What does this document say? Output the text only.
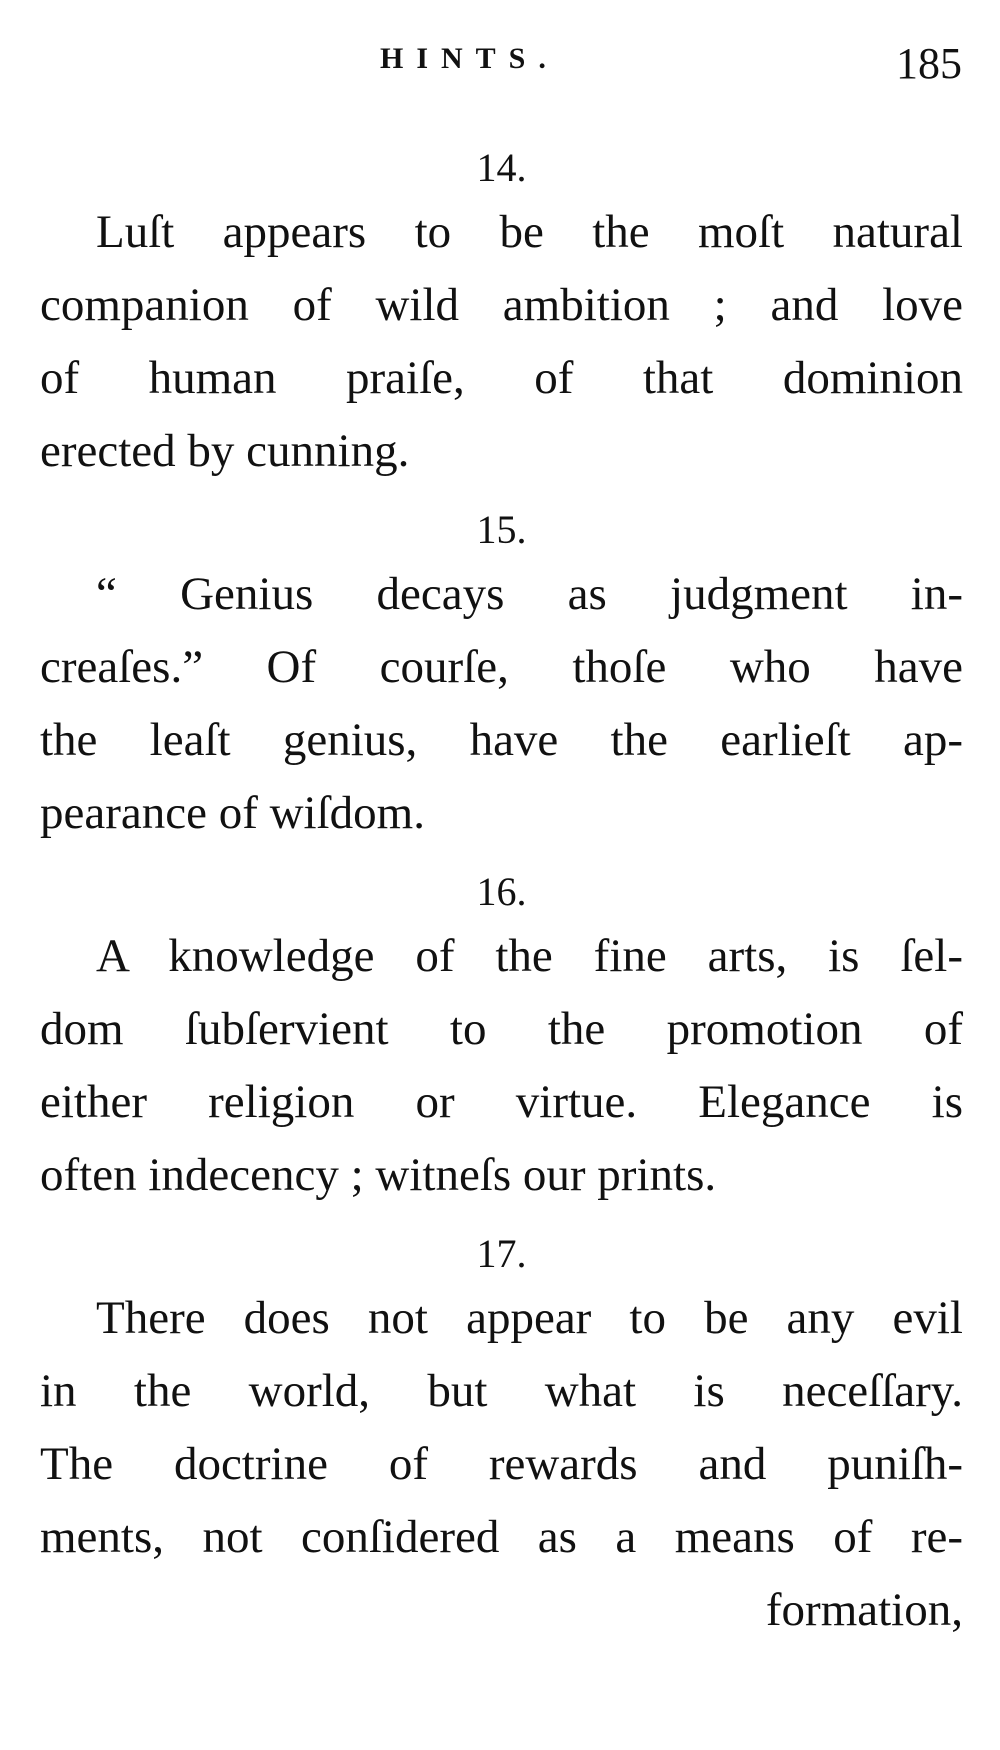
HINTS.	185
14.

Luſt appears to be the moſt natural
companion of wild ambition ; and love
of human praiſe, of that dominion
erected by cunning.

15.

“ Genius decays as judgment in-
creaſes.” Of courſe, thoſe who have
the leaſt genius, have the earlieſt ap-
pearance of wiſdom.

16.

A knowledge of the fine arts, is ſel-
dom ſubſervient to the promotion of
either religion or virtue. Elegance is
often indecency ; witneſs our prints.

17.

There does not appear to be any evil
in the world, but what is neceſſary.
The doctrine of rewards and puniſh-
ments, not conſidered as a means of re-
formation,
